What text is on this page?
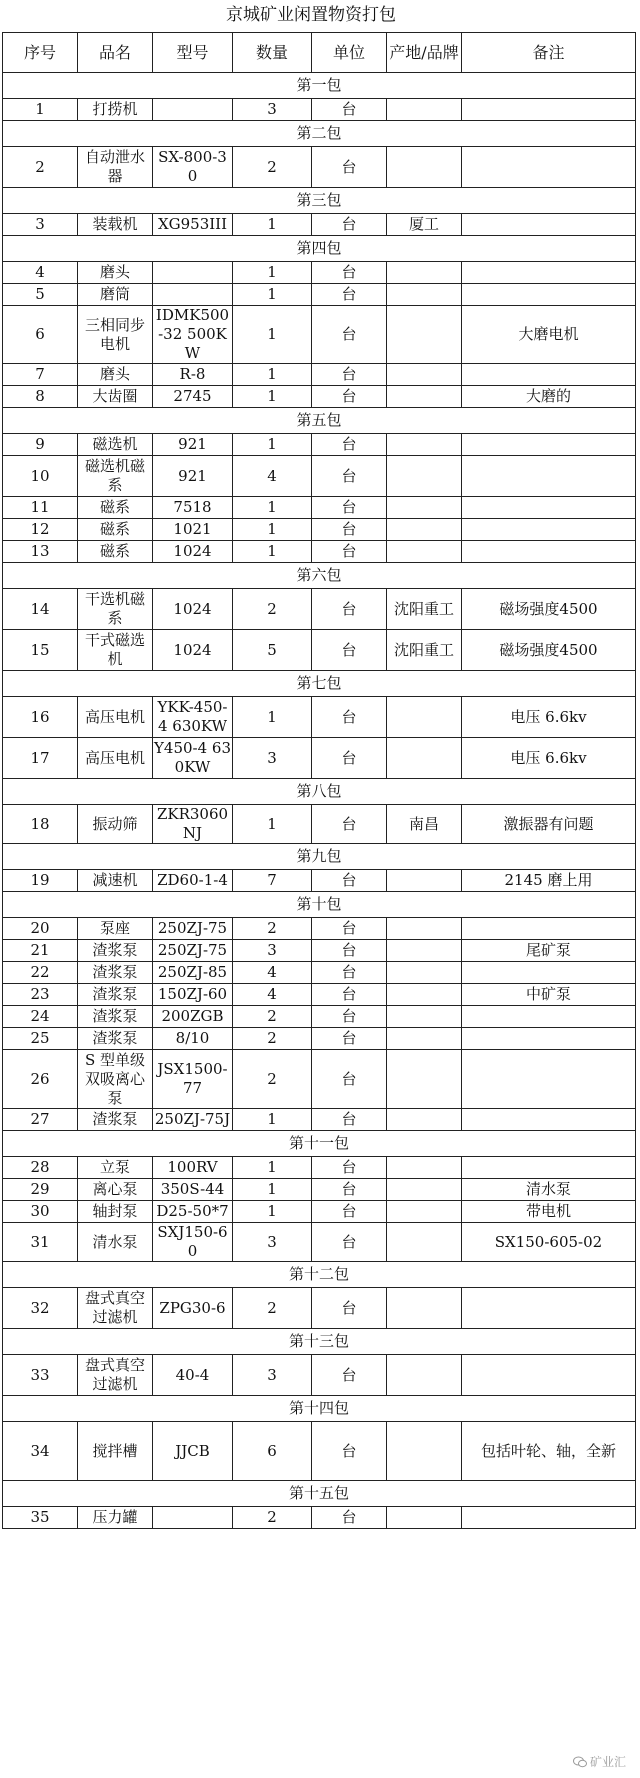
京城矿业闲置物资打包
序号	品名	型号	数量	单位	产地/品牌	备注
第一包						
1	打捞机		3	台		
第二包						
2	自动泄水器	SX-800-30	2	台		
第三包						
3	装载机	XG953III	1	台	厦工	
第四包						
4	磨头		1	台		
5	磨筒		1	台		
6	三相同步电机	IDMK500-32 500KW	1	台		大磨电机
7	磨头	R-8	1	台		
8	大齿圈	2745	1	台		大磨的
第五包						
9	磁选机	921	1	台		
10	磁选机磁系	921	4	台		
11	磁系	7518	1	台		
12	磁系	1021	1	台		
13	磁系	1024	1	台		
第六包						
14	干选机磁系	1024	2	台	沈阳重工	磁场强度4500
15	干式磁选机	1024	5	台	沈阳重工	磁场强度4500
第七包						
16	高压电机	YKK-450-4 630KW	1	台		电压 6.6kv
17	高压电机	Y450-4 630KW	3	台		电压 6.6kv
第八包						
18	振动筛	ZKR3060NJ	1	台	南昌	激振器有问题
第九包						
19	减速机	ZD60-1-4	7	台		2145 磨上用
第十包						
20	泵座	250ZJ-75	2	台		
21	渣浆泵	250ZJ-75	3	台		尾矿泵
22	渣浆泵	250ZJ-85	4	台		
23	渣浆泵	150ZJ-60	4	台		中矿泵
24	渣浆泵	200ZGB	2	台		
25	渣浆泵	8/10	2	台		
26	S 型单级双吸离心泵	JSX1500-77	2	台		
27	渣浆泵	250ZJ-75J	1	台		
第十一包						
28	立泵	100RV	1	台		
29	离心泵	350S-44	1	台		清水泵
30	轴封泵	D25-50*7	1	台		带电机
31	清水泵	SXJ150-60	3	台		SX150-605-02
第十二包						
32	盘式真空过滤机	ZPG30-6	2	台		
第十三包						
33	盘式真空过滤机	40-4	3	台		
第十四包						
34	搅拌槽	JJCB	6	台		包括叶轮、轴，全新
第十五包						
35	压力罐		2	台		
矿业汇
